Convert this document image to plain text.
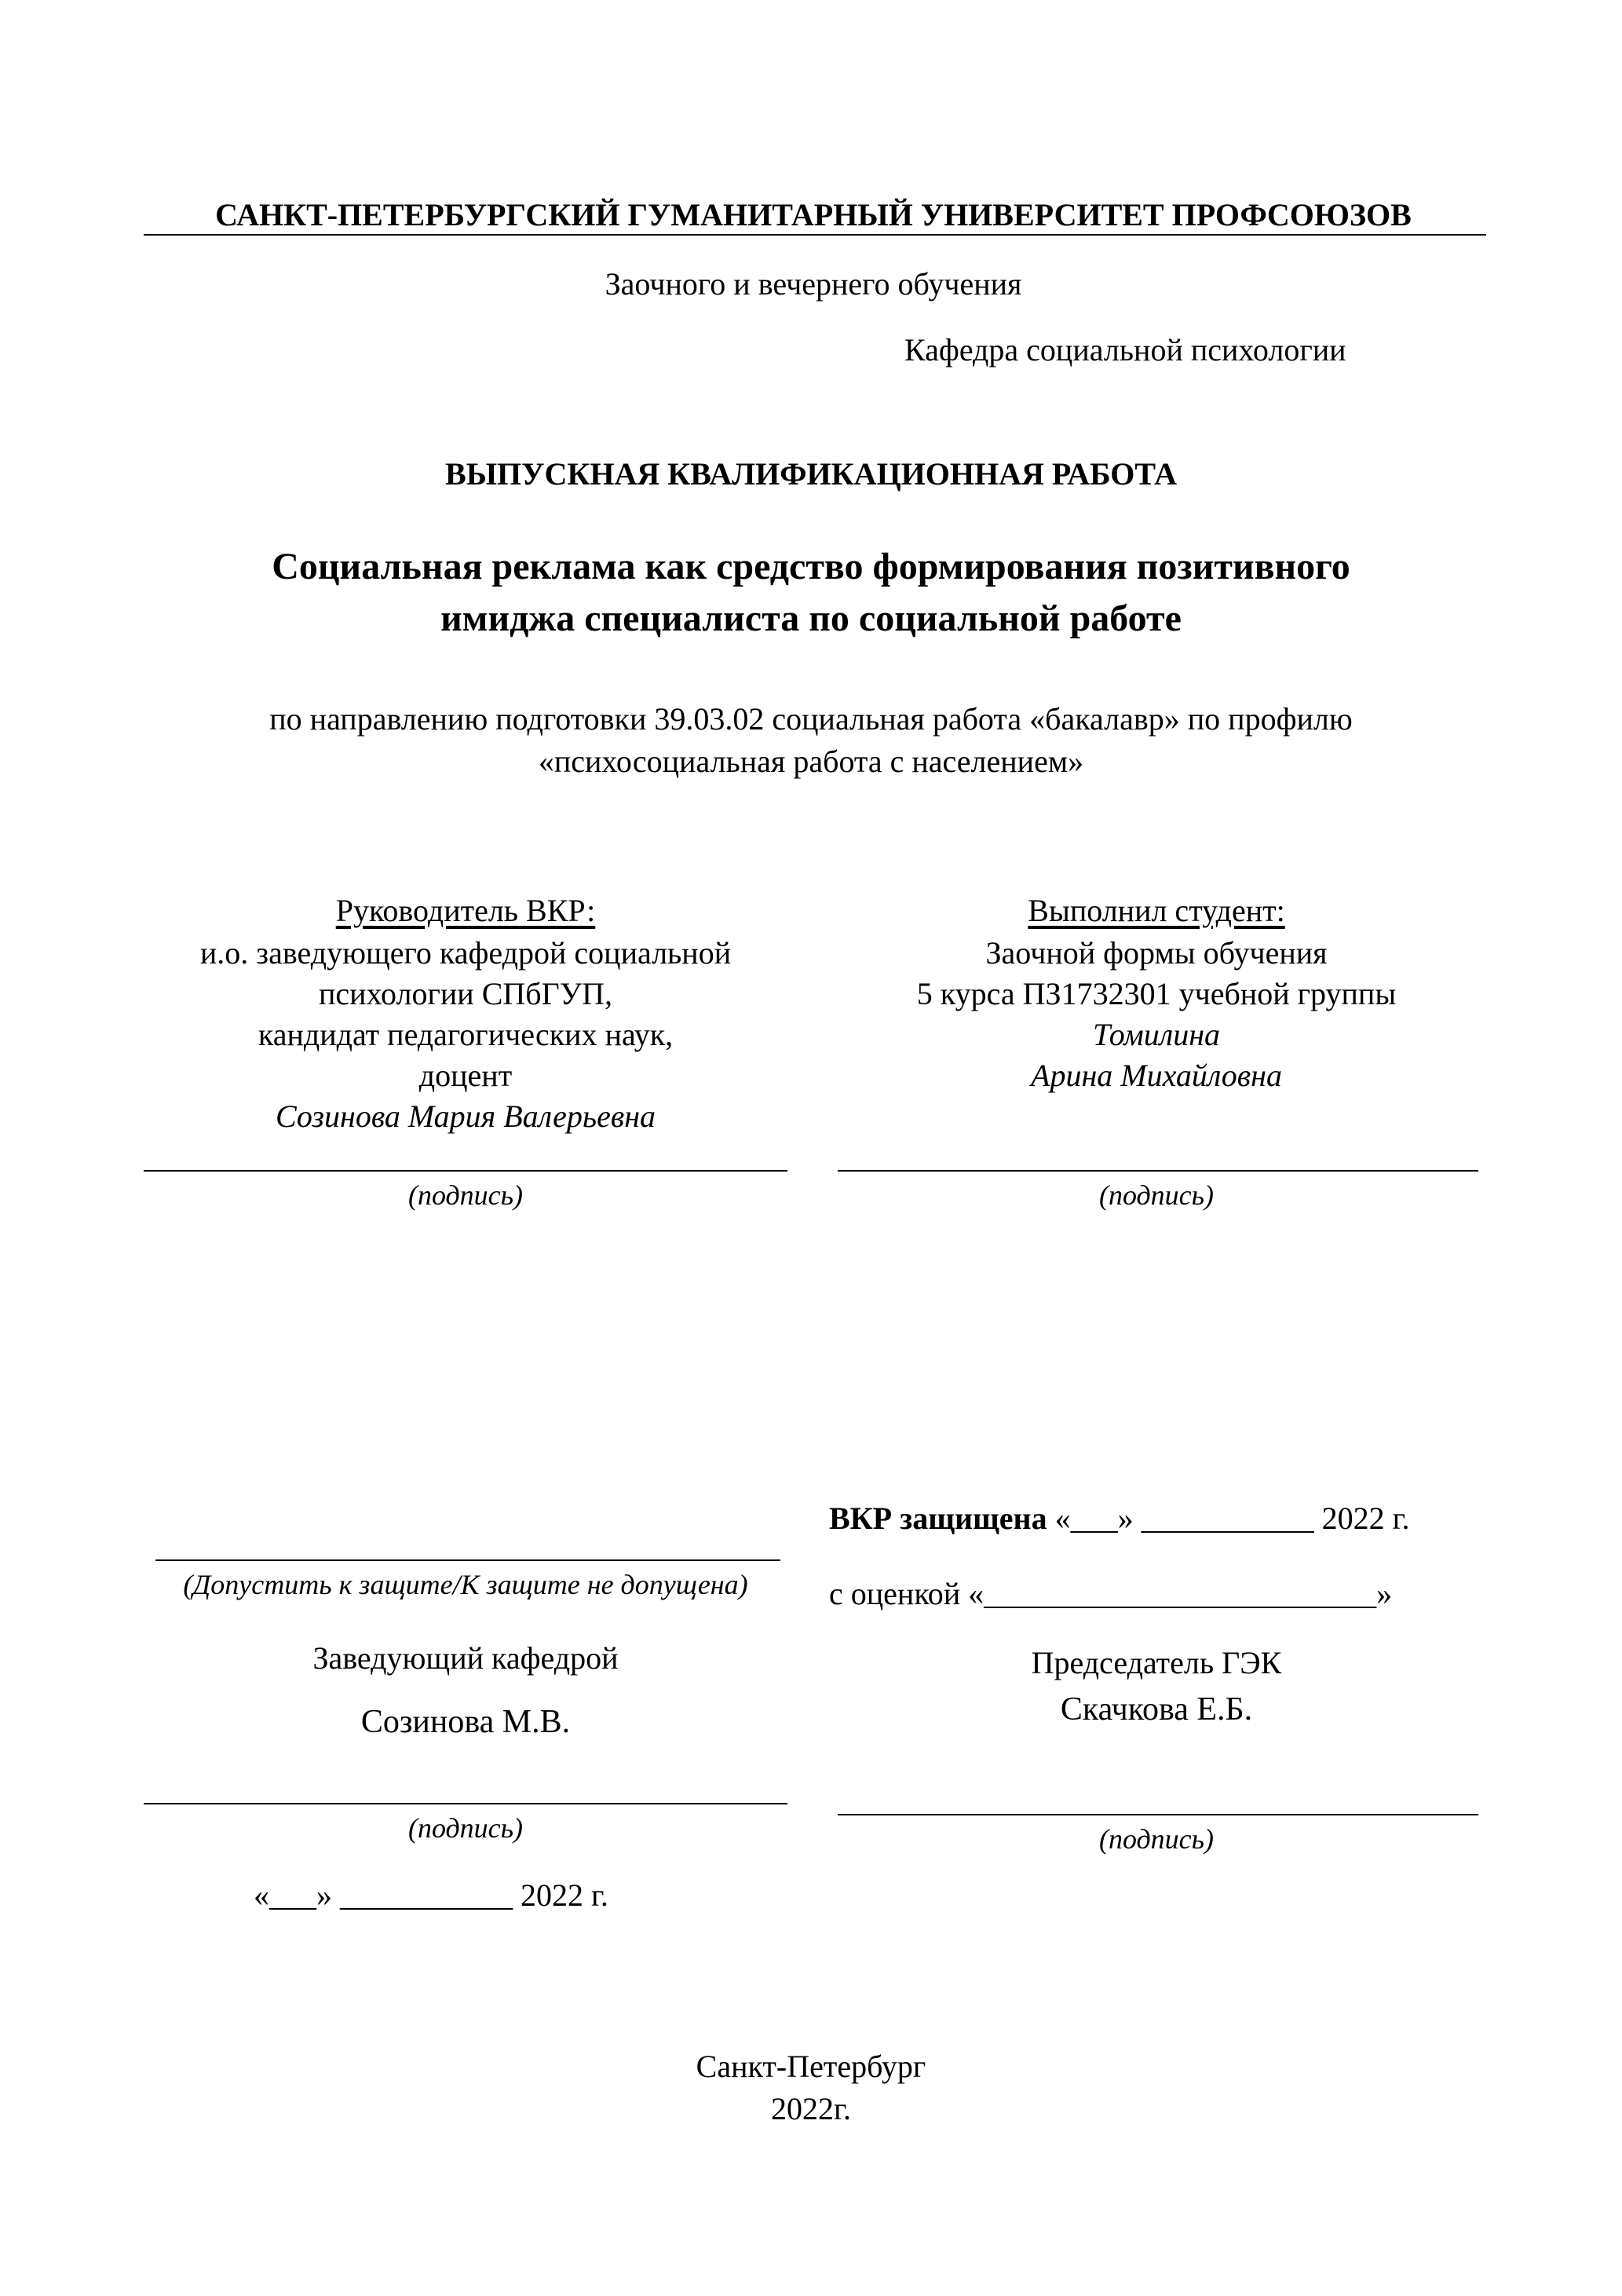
САНКТ-ПЕТЕРБУРГСКИЙ ГУМАНИТАРНЫЙ УНИВЕРСИТЕТ ПРОФСОЮЗОВ
Заочного и вечернего обучения
Кафедра социальной психологии
ВЫПУСКНАЯ КВАЛИФИКАЦИОННАЯ РАБОТА
Социальная реклама как средство формирования позитивного
имиджа специалиста по социальной работе
по направлению подготовки 39.03.02 социальная работа «бакалавр» по профилю
«психосоциальная работа с населением»
Руководитель ВКР:
и.о. заведующего кафедрой социальной
психологии СПбГУП,
кандидат педагогических наук,
доцент
Созинова Мария Валерьевна
(подпись)
Выполнил студент:
Заочной формы обучения
5 курса ПЗ1732301 учебной группы
Томилина
Арина Михайловна
(подпись)
(Допустить к защите/К защите не допущена)
Заведующий кафедрой
Созинова М.В.
(подпись)
«___» ___________ 2022 г.
ВКР защищена «___» ___________ 2022 г.
с оценкой «_________________________»
Председатель ГЭК
Скачкова Е.Б.
(подпись)
Санкт-Петербург
2022г.
